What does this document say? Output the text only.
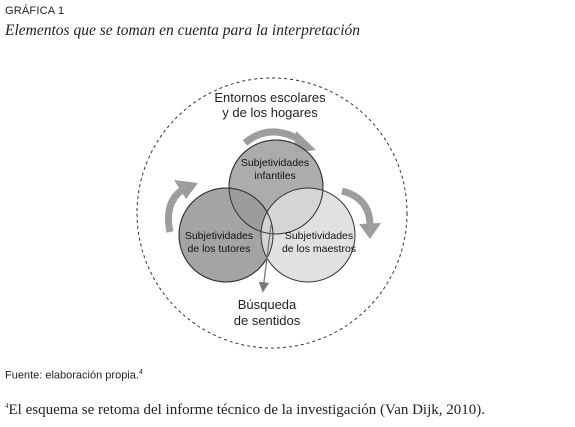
GRÁFICA 1
Elementos que se toman en cuenta para la interpretación
Entornos escolares
y de los hogares
Subjetividades
infantiles
Subjetividades
de los tutores
Subjetividades
de los maestros
Búsqueda
de sentidos
Fuente: elaboración propia.$^4$
$^4$El esquema se retoma del informe técnico de la investigación (Van Dijk, 2010).
